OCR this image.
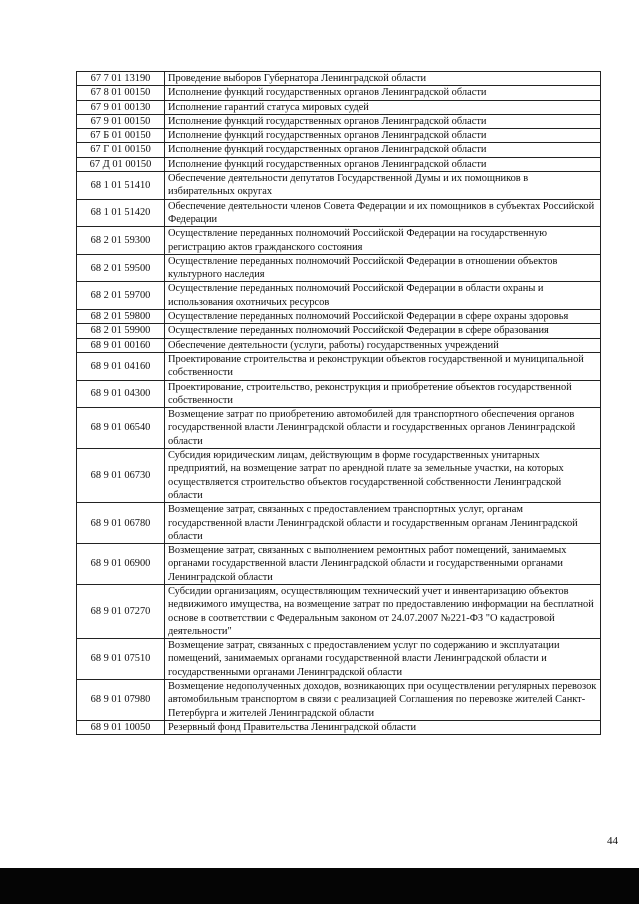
67 7 01 13190	Проведение выборов Губернатора Ленинградской области
67 8 01 00150	Исполнение функций государственных органов Ленинградской области
67 9 01 00130	Исполнение гарантий статуса мировых судей
67 9 01 00150	Исполнение функций государственных органов Ленинградской области
67 Б 01 00150	Исполнение функций государственных органов Ленинградской области
67 Г 01 00150	Исполнение функций государственных органов Ленинградской области
67 Д 01 00150	Исполнение функций государственных органов Ленинградской области
68 1 01 51410	Обеспечение деятельности депутатов Государственной Думы и их помощников в избирательных округах
68 1 01 51420	Обеспечение деятельности членов Совета Федерации и их помощников в субъектах Российской Федерации
68 2 01 59300	Осуществление переданных полномочий Российской Федерации на государственную регистрацию актов гражданского состояния
68 2 01 59500	Осуществление переданных полномочий Российской Федерации в отношении объектов культурного наследия
68 2 01 59700	Осуществление переданных полномочий Российской Федерации в области охраны и использования охотничьих ресурсов
68 2 01 59800	Осуществление переданных полномочий Российской Федерации в сфере охраны здоровья
68 2 01 59900	Осуществление переданных полномочий Российской Федерации в сфере образования
68 9 01 00160	Обеспечение деятельности (услуги, работы) государственных учреждений
68 9 01 04160	Проектирование строительства и реконструкции объектов государственной и муниципальной собственности
68 9 01 04300	Проектирование, строительство, реконструкция и приобретение объектов государственной собственности
68 9 01 06540	Возмещение затрат по приобретению автомобилей для транспортного обеспечения органов государственной власти Ленинградской области и государственных органов Ленинградской области
68 9 01 06730	Субсидия юридическим лицам, действующим в форме государственных унитарных предприятий, на возмещение затрат по арендной плате за земельные участки, на которых осуществляется строительство объектов государственной собственности Ленинградской области
68 9 01 06780	Возмещение затрат, связанных с предоставлением транспортных услуг, органам государственной власти Ленинградской области и государственным органам Ленинградской области
68 9 01 06900	Возмещение затрат, связанных с выполнением ремонтных работ помещений, занимаемых органами государственной власти Ленинградской области и государственными органами Ленинградской области
68 9 01 07270	Субсидии организациям, осуществляющим технический учет и инвентаризацию объектов недвижимого имущества, на возмещение затрат по предоставлению информации на бесплатной основе в соответствии с Федеральным законом от 24.07.2007 №221-ФЗ "О кадастровой деятельности"
68 9 01 07510	Возмещение затрат, связанных с предоставлением услуг по содержанию и эксплуатации помещений, занимаемых органами государственной власти Ленинградской области и государственными органами Ленинградской области
68 9 01 07980	Возмещение недополученных доходов, возникающих при осуществлении регулярных перевозок автомобильным транспортом в связи с реализацией Соглашения по перевозке жителей Санкт-Петербурга и жителей Ленинградской области
68 9 01 10050	Резервный фонд Правительства Ленинградской области
44
